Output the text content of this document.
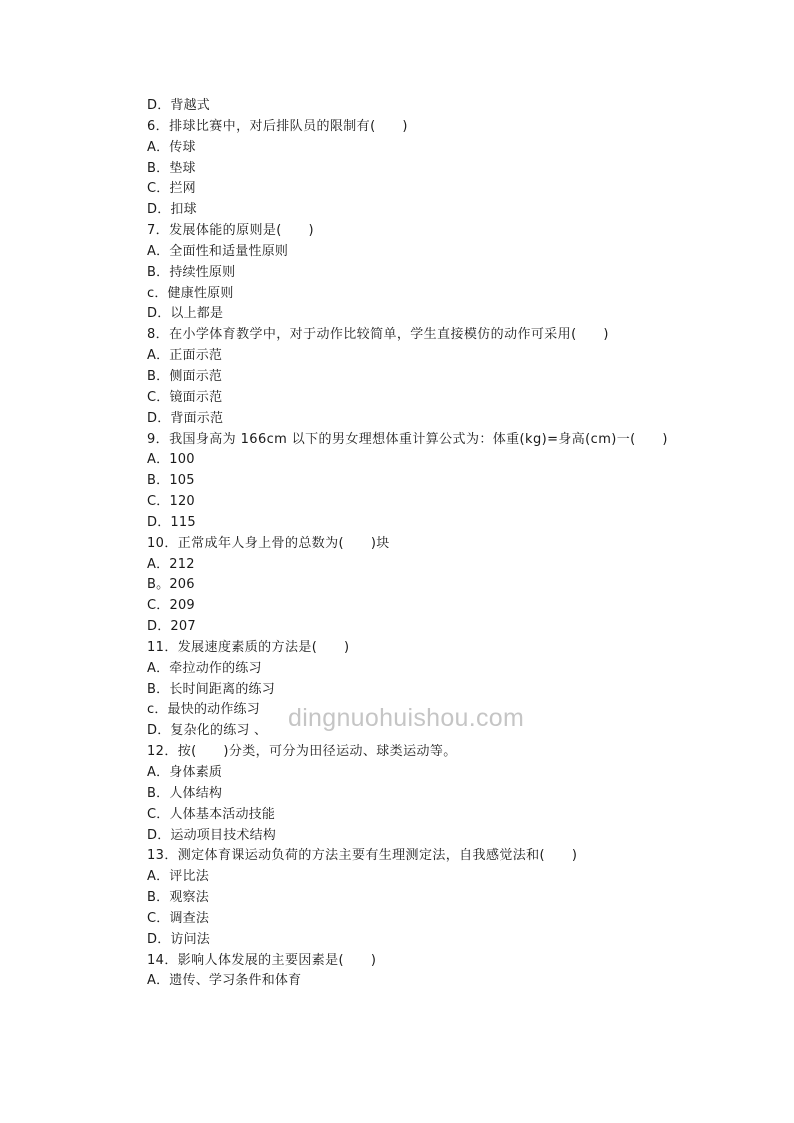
D．背越式
6．排球比赛中，对后排队员的限制有(　　)
A．传球
B．垫球
C．拦网
D．扣球
7．发展体能的原则是(　　)
A．全面性和适量性原则
B．持续性原则
c．健康性原则
D．以上都是
8．在小学体育教学中，对于动作比较简单，学生直接模仿的动作可采用(　　)
A．正面示范
B．侧面示范
C．镜面示范
D．背面示范
9．我国身高为 166cm 以下的男女理想体重计算公式为：体重(kg)=身高(cm)一(　　)
A．100
B．105
C．120
D．115
10．正常成年人身上骨的总数为(　　)块
A．212
B。206
C．209
D．207
11．发展速度素质的方法是(　　)
A．牵拉动作的练习
B．长时间距离的练习
c．最快的动作练习
D．复杂化的练习 、
12．按(　　)分类，可分为田径运动、球类运动等。
A．身体素质
B．人体结构
C．人体基本活动技能
D．运动项目技术结构
13．测定体育课运动负荷的方法主要有生理测定法，自我感觉法和(　　)
A．评比法
B．观察法
C．调查法
D．访问法
14．影响人体发展的主要因素是(　　)
A．遗传、学习条件和体育
dingnuohuishou.com
